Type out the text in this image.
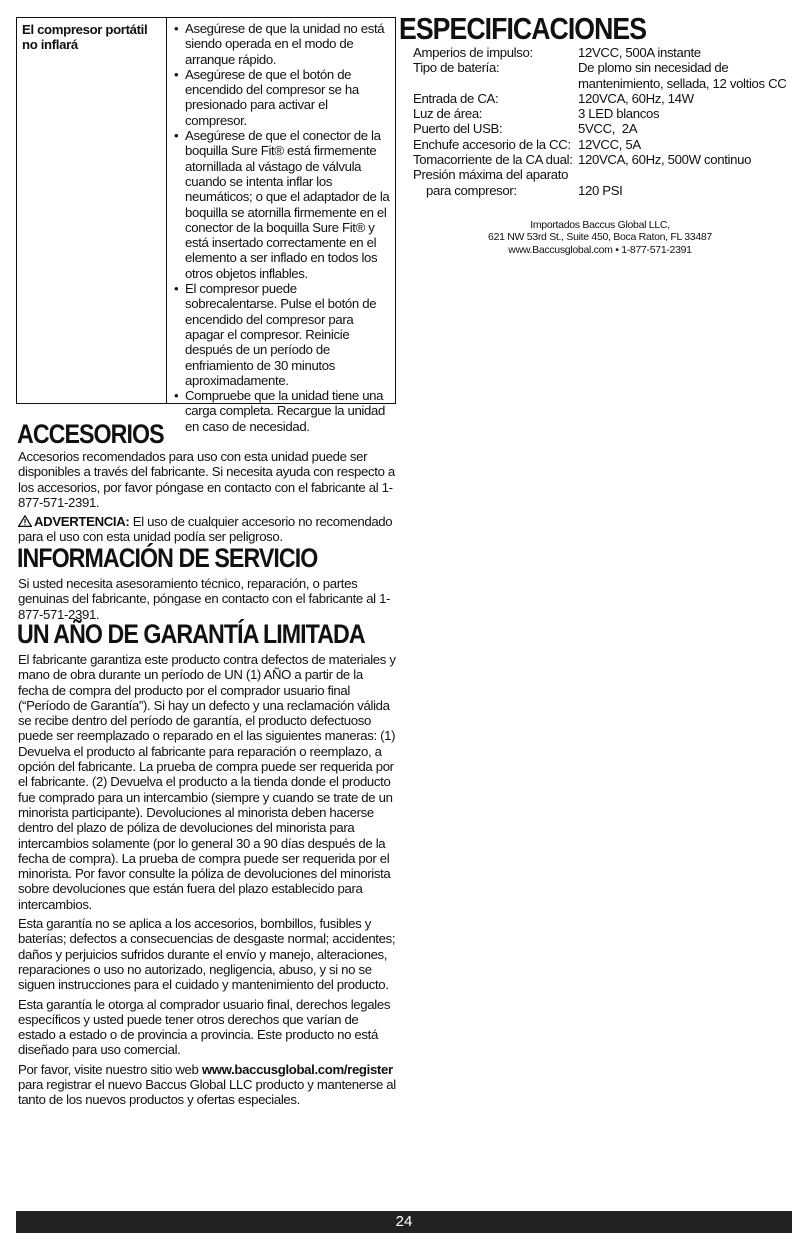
El compresor portátil no inflará
• Asegúrese de que la unidad no está siendo operada en el modo de arranque rápido.
• Asegúrese de que el botón de encendido del compresor se ha presionado para activar el compresor.
• Asegúrese de que el conector de la boquilla Sure Fit® está firmemente atornillada al vástago de válvula cuando se intenta inflar los neumáticos; o que el adaptador de la boquilla se atornilla firmemente en el conector de la boquilla Sure Fit® y está insertado correctamente en el elemento a ser inflado en todos los otros objetos inflables.
• El compresor puede sobrecalentarse. Pulse el botón de encendido del compresor para apagar el compresor. Reinicie después de un período de enfriamiento de 30 minutos aproximadamente.
• Compruebe que la unidad tiene una carga completa. Recargue la unidad en caso de necesidad.
ACCESORIOS

Accesorios recomendados para uso con esta unidad puede ser disponibles a través del fabricante. Si necesita ayuda con respecto a los accesorios, por favor póngase en contacto con el fabricante al 1-877-571-2391.

ADVERTENCIA: El uso de cualquier accesorio no recomendado para el uso con esta unidad podía ser peligroso.

INFORMACIÓN DE SERVICIO

Si usted necesita asesoramiento técnico, reparación, o partes genuinas del fabricante, póngase en contacto con el fabricante al 1-877-571-2391.

UN AÑO DE GARANTÍA LIMITADA

El fabricante garantiza este producto contra defectos de materiales y mano de obra durante un período de UN (1) AÑO a partir de la fecha de compra del producto por el comprador usuario final (“Período de Garantía”). Si hay un defecto y una reclamación válida se recibe dentro del período de garantía, el producto defectuoso puede ser reemplazado o reparado en el las siguientes maneras: (1) Devuelva el producto al fabricante para reparación o reemplazo, a opción del fabricante. La prueba de compra puede ser requerida por el fabricante. (2) Devuelva el producto a la tienda donde el producto fue comprado para un intercambio (siempre y cuando se trate de un minorista participante). Devoluciones al minorista deben hacerse dentro del plazo de póliza de devoluciones del minorista para intercambios solamente (por lo general 30 a 90 días después de la fecha de compra). La prueba de compra puede ser requerida por el minorista. Por favor consulte la póliza de devoluciones del minorista sobre devoluciones que están fuera del plazo establecido para intercambios.

Esta garantía no se aplica a los accesorios, bombillos, fusibles y baterías; defectos a consecuencias de desgaste normal; accidentes; daños y perjuicios sufridos durante el envío y manejo, alteraciones, reparaciones o uso no autorizado, negligencia, abuso, y si no se siguen instrucciones para el cuidado y mantenimiento del producto.

Esta garantía le otorga al comprador usuario final, derechos legales específicos y usted puede tener otros derechos que varían de estado a estado o de provincia a provincia. Este producto no está diseñado para uso comercial.

Por favor, visite nuestro sitio web www.baccusglobal.com/register para registrar el nuevo Baccus Global LLC producto y mantenerse al tanto de los nuevos productos y ofertas especiales.

ESPECIFICACIONES
Amperios de impulso:	12VCC, 500A instante
Tipo de batería:	De plomo sin necesidad de mantenimiento, sellada, 12 voltios CC
Entrada de CA:	120VCA, 60Hz, 14W
Luz de área:	3 LED blancos
Puerto del USB:	5VCC,  2A
Enchufe accesorio de la CC: 12VCC, 5A
Tomacorriente de la CA dual: 120VCA, 60Hz, 500W continuo
Presión máxima del aparato
para compresor:	120 PSI
Importados Baccus Global LLC,
621 NW 53rd St., Suite 450, Boca Raton, FL 33487
www.Baccusglobal.com • 1-877-571-2391
24
